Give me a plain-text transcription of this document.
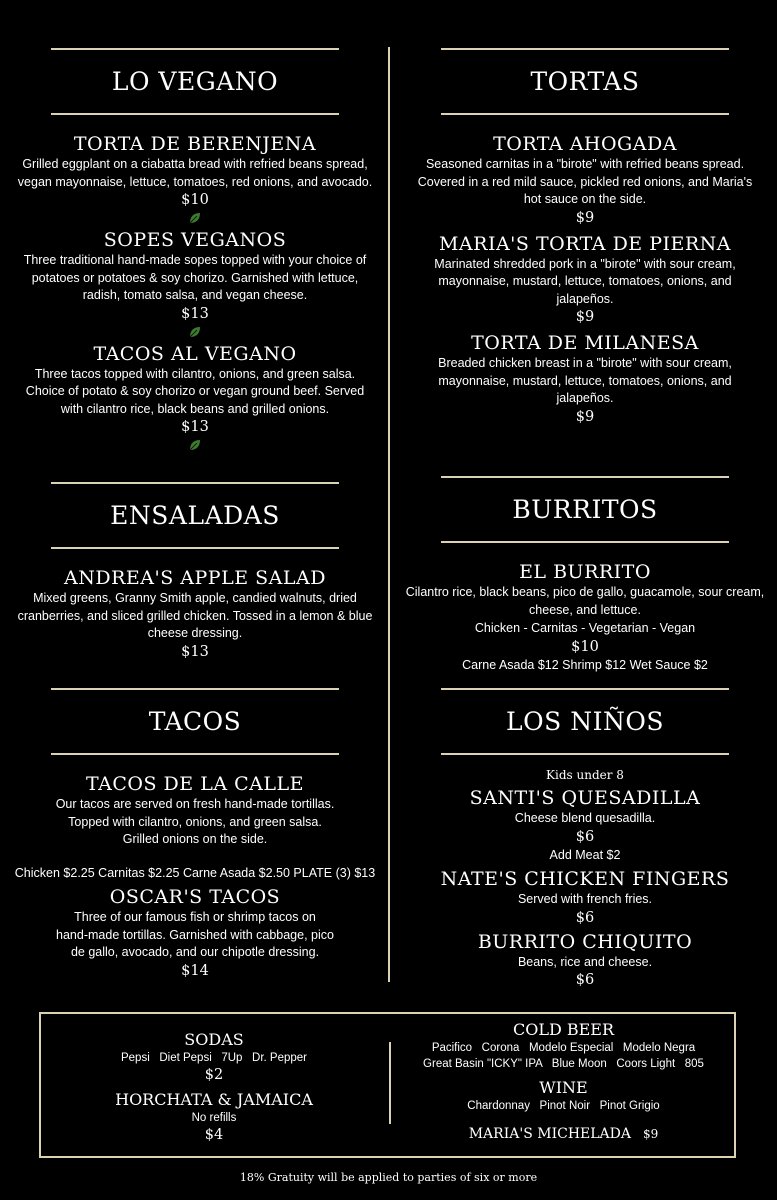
LO VEGANO
TORTA DE BERENJENA
Grilled eggplant on a ciabatta bread with refried beans spread, vegan mayonnaise, lettuce, tomatoes, red onions, and avocado.
$10
SOPES VEGANOS
Three traditional hand-made sopes topped with your choice of potatoes or potatoes & soy chorizo. Garnished with lettuce, radish, tomato salsa, and vegan cheese.
$13
TACOS AL VEGANO
Three tacos topped with cilantro, onions, and green salsa. Choice of potato & soy chorizo or vegan ground beef. Served with cilantro rice, black beans and grilled onions.
$13
ENSALADAS
ANDREA'S APPLE SALAD
Mixed greens, Granny Smith apple, candied walnuts, dried cranberries, and sliced grilled chicken. Tossed in a lemon & blue cheese dressing.
$13
TACOS
TACOS DE LA CALLE
Our tacos are served on fresh hand-made tortillas.
Topped with cilantro, onions, and green salsa.
Grilled onions on the side.
Chicken $2.25 Carnitas $2.25 Carne Asada $2.50 PLATE (3) $13
OSCAR'S TACOS
Three of our famous fish or shrimp tacos on
hand-made tortillas. Garnished with cabbage, pico
de gallo, avocado, and our chipotle dressing.
$14
TORTAS
TORTA AHOGADA
Seasoned carnitas in a "birote" with refried beans spread. Covered in a red mild sauce, pickled red onions, and Maria's hot sauce on the side.
$9
MARIA'S TORTA DE PIERNA
Marinated shredded pork in a "birote" with sour cream, mayonnaise, mustard, lettuce, tomatoes, onions, and jalapeños.
$9
TORTA DE MILANESA
Breaded chicken breast in a "birote" with sour cream, mayonnaise, mustard, lettuce, tomatoes, onions, and jalapeños.
$9
BURRITOS
EL BURRITO
Cilantro rice, black beans, pico de gallo, guacamole, sour cream, cheese, and lettuce.
Chicken - Carnitas - Vegetarian - Vegan
$10
Carne Asada $12 Shrimp $12 Wet Sauce $2
LOS NIÑOS
Kids under 8
SANTI'S QUESADILLA
Cheese blend quesadilla.
$6
Add Meat $2
NATE'S CHICKEN FINGERS
Served with french fries.
$6
BURRITO CHIQUITO
Beans, rice and cheese.
$6
SODAS
Pepsi   Diet Pepsi   7Up   Dr. Pepper
$2
HORCHATA & JAMAICA
No refills
$4
COLD BEER
Pacifico   Corona   Modelo Especial   Modelo Negra
Great Basin "ICKY" IPA   Blue Moon   Coors Light   805
WINE
Chardonnay   Pinot Noir   Pinot Grigio
MARIA'S MICHELADA $9
18% Gratuity will be applied to parties of six or more
